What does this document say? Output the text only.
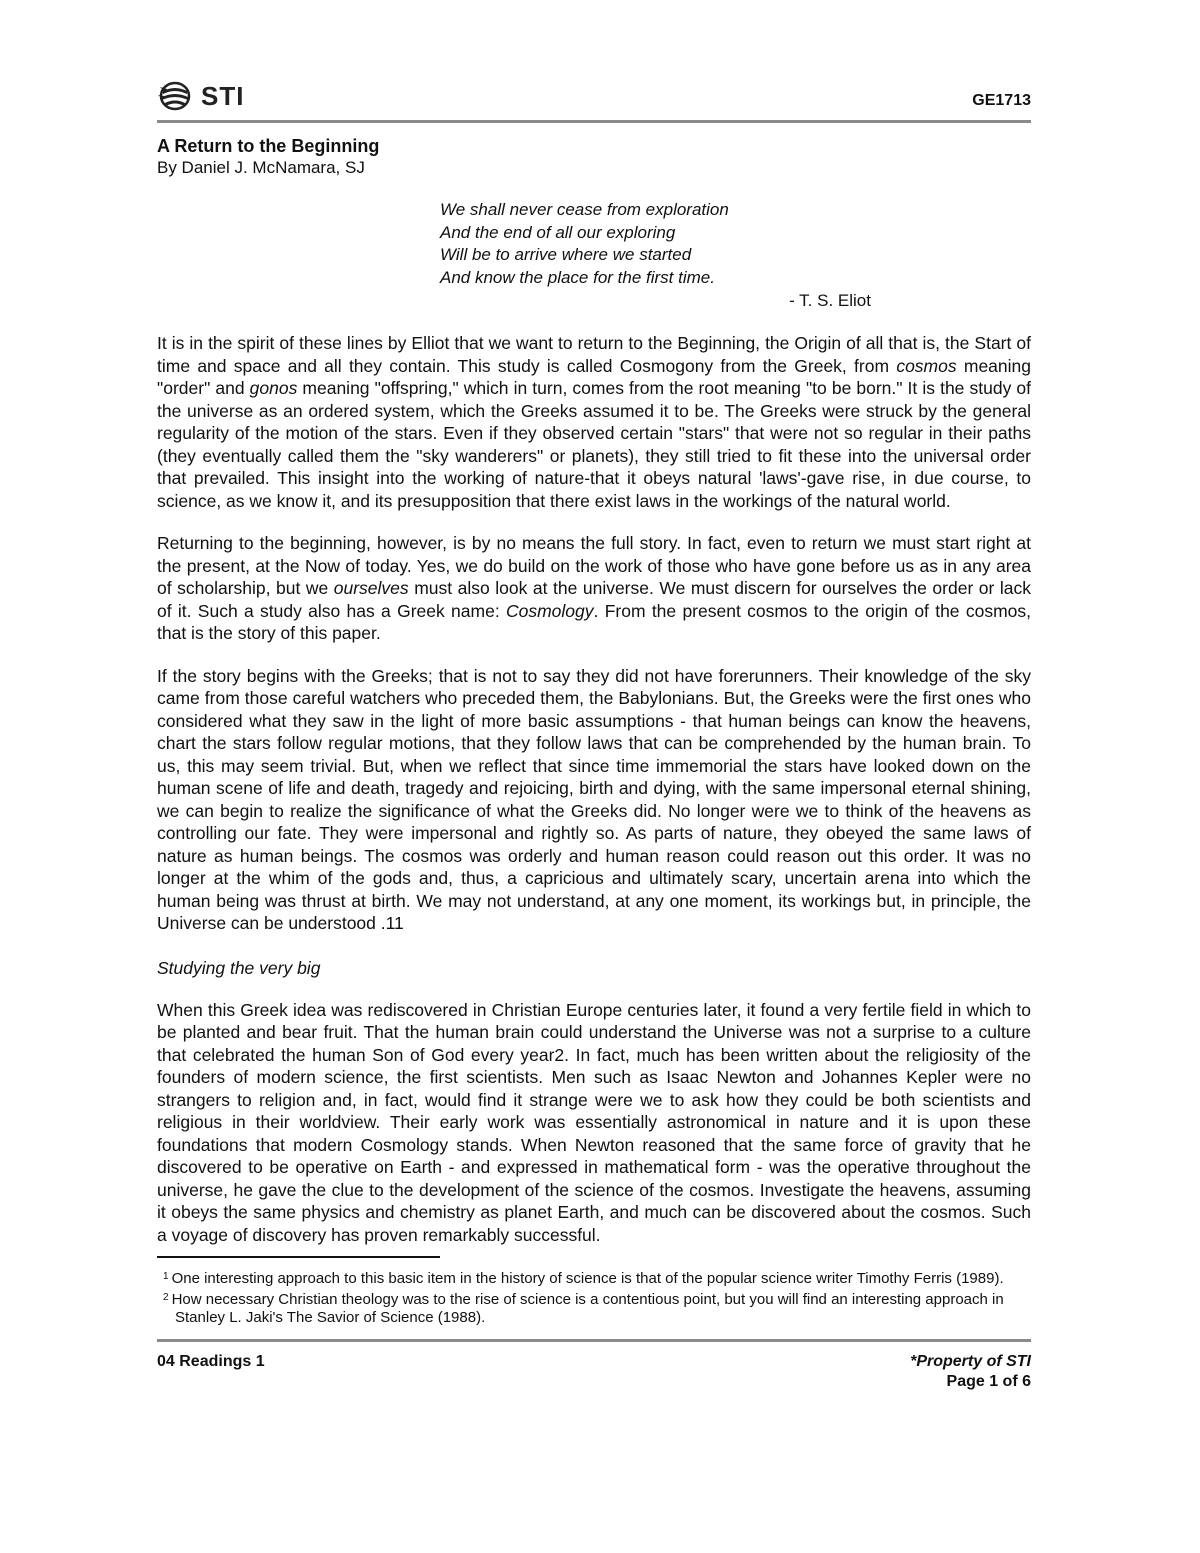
STI	GE1713
A Return to the Beginning
By Daniel J. McNamara, SJ
We shall never cease from exploration
And the end of all our exploring
Will be to arrive where we started
And know the place for the first time.
- T. S. Eliot

It is in the spirit of these lines by Elliot that we want to return to the Beginning, the Origin of all that is, the Start of time and space and all they contain. This study is called Cosmogony from the Greek, from cosmos meaning "order" and gonos meaning "offspring," which in turn, comes from the root meaning "to be born." It is the study of the universe as an ordered system, which the Greeks assumed it to be. The Greeks were struck by the general regularity of the motion of the stars. Even if they observed certain "stars" that were not so regular in their paths (they eventually called them the "sky wanderers" or planets), they still tried to fit these into the universal order that prevailed. This insight into the working of nature-that it obeys natural 'laws'-gave rise, in due course, to science, as we know it, and its presupposition that there exist laws in the workings of the natural world.

Returning to the beginning, however, is by no means the full story. In fact, even to return we must start right at the present, at the Now of today. Yes, we do build on the work of those who have gone before us as in any area of scholarship, but we ourselves must also look at the universe. We must discern for ourselves the order or lack of it. Such a study also has a Greek name: Cosmology. From the present cosmos to the origin of the cosmos, that is the story of this paper.

If the story begins with the Greeks; that is not to say they did not have forerunners. Their knowledge of the sky came from those careful watchers who preceded them, the Babylonians. But, the Greeks were the first ones who considered what they saw in the light of more basic assumptions - that human beings can know the heavens, chart the stars follow regular motions, that they follow laws that can be comprehended by the human brain. To us, this may seem trivial. But, when we reflect that since time immemorial the stars have looked down on the human scene of life and death, tragedy and rejoicing, birth and dying, with the same impersonal eternal shining, we can begin to realize the significance of what the Greeks did. No longer were we to think of the heavens as controlling our fate. They were impersonal and rightly so. As parts of nature, they obeyed the same laws of nature as human beings. The cosmos was orderly and human reason could reason out this order. It was no longer at the whim of the gods and, thus, a capricious and ultimately scary, uncertain arena into which the human being was thrust at birth. We may not understand, at any one moment, its workings but, in principle, the Universe can be understood .11

Studying the very big

When this Greek idea was rediscovered in Christian Europe centuries later, it found a very fertile field in which to be planted and bear fruit. That the human brain could understand the Universe was not a surprise to a culture that celebrated the human Son of God every year2. In fact, much has been written about the religiosity of the founders of modern science, the first scientists. Men such as Isaac Newton and Johannes Kepler were no strangers to religion and, in fact, would find it strange were we to ask how they could be both scientists and religious in their worldview. Their early work was essentially astronomical in nature and it is upon these foundations that modern Cosmology stands. When Newton reasoned that the same force of gravity that he discovered to be operative on Earth - and expressed in mathematical form - was the operative throughout the universe, he gave the clue to the development of the science of the cosmos. Investigate the heavens, assuming it obeys the same physics and chemistry as planet Earth, and much can be discovered about the cosmos. Such a voyage of discovery has proven remarkably successful.

$^1$ One interesting approach to this basic item in the history of science is that of the popular science writer Timothy Ferris (1989).
$^2$ How necessary Christian theology was to the rise of science is a contentious point, but you will find an interesting approach in Stanley L. Jaki's The Savior of Science (1988).
04 Readings 1	*Property of STI
Page 1 of 6
